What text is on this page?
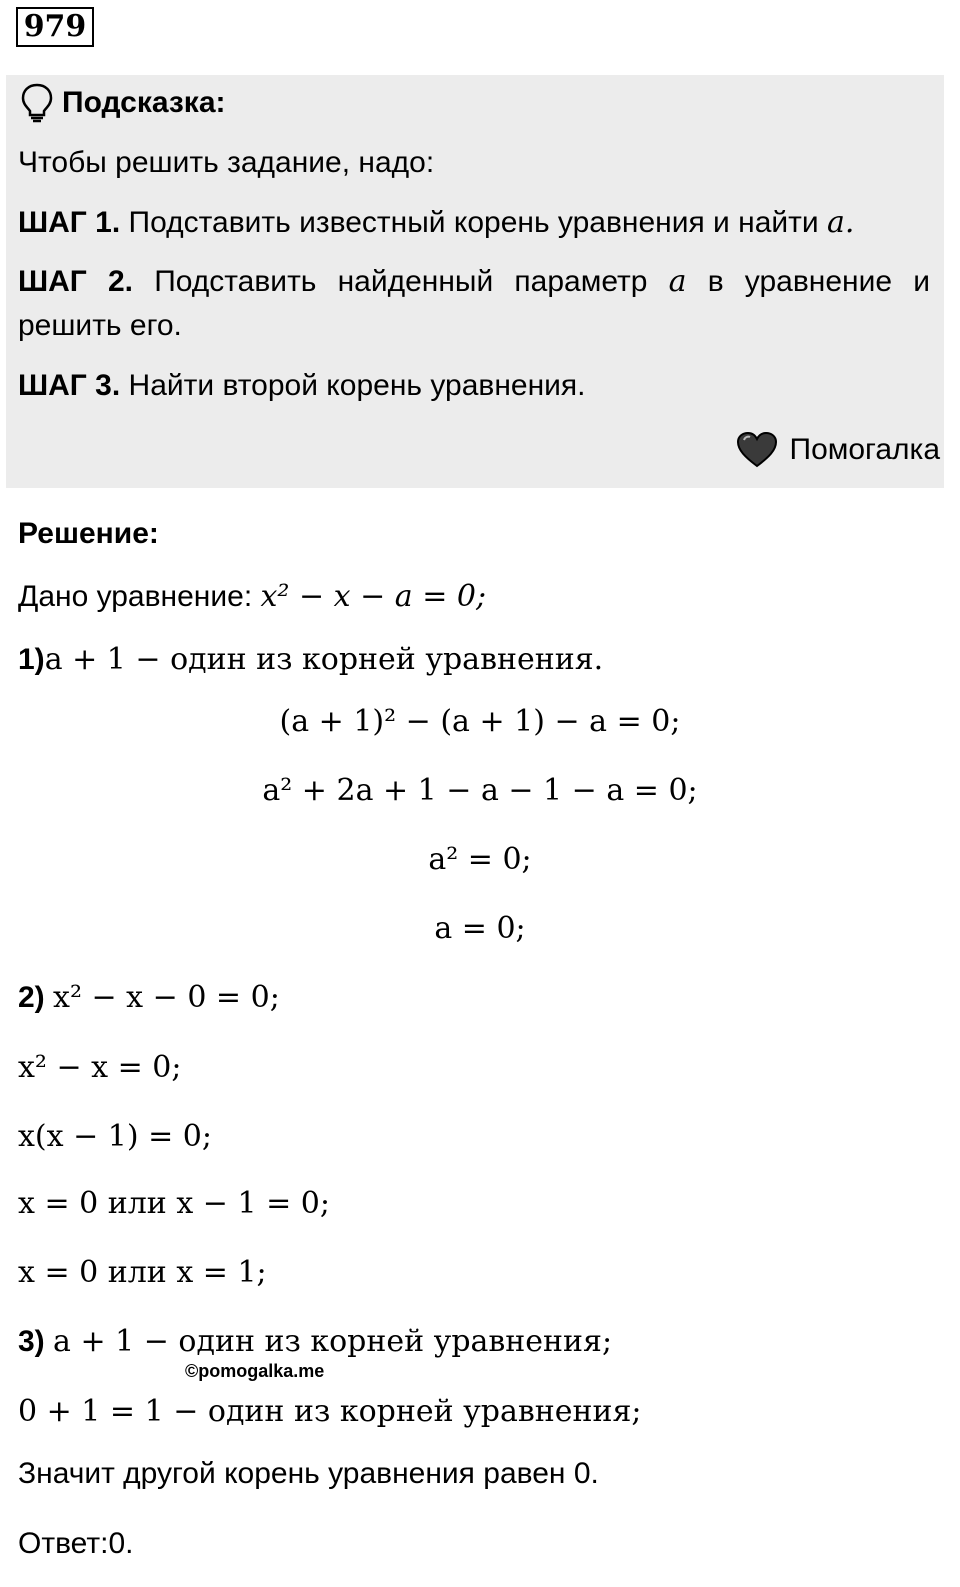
979
Подсказка:
Чтобы решить задание, надо:
ШАГ 1. Подставить известный корень уравнения и найти a.
ШАГ 2. Подставить найденный параметр a в уравнение и
решить его.
ШАГ 3. Найти второй корень уравнения.
Помогалка
Решение:
Дано уравнение: x² − x − a = 0;
1)a + 1 − один из корней уравнения.
(a + 1)² − (a + 1) − a = 0;
a² + 2a + 1 − a − 1 − a = 0;
a² = 0;
a = 0;
2) x² − x − 0 = 0;
x² − x = 0;
x(x − 1) = 0;
x = 0 или x − 1 = 0;
x = 0 или x = 1;
3) a + 1 − один из корней уравнения;
©pomogalka.me
0 + 1 = 1 − один из корней уравнения;
Значит другой корень уравнения равен 0.
Ответ:0.
